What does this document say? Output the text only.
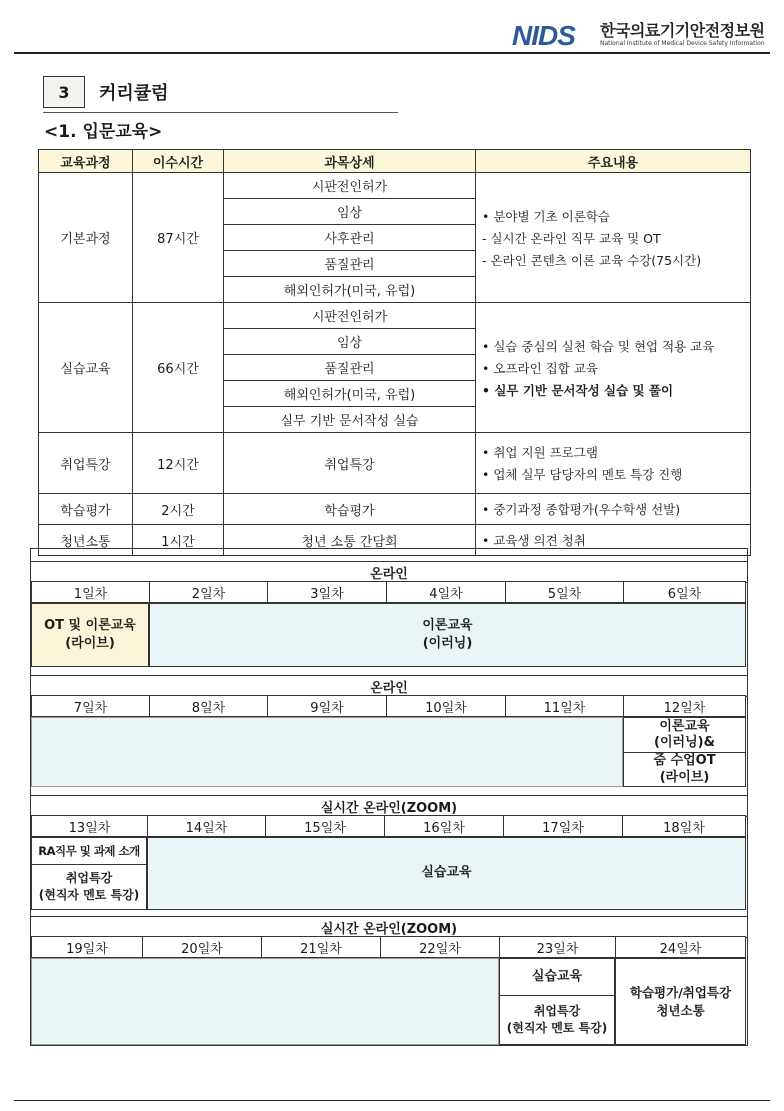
NIDS 한국의료기기안전정보원
National Institute of Medical Device Safety Information
3	커리큘럼
<1. 입문교육>
교육과정	이수시간	과목상세	주요내용
기본과정	87시간	시판전인허가	• 분야별 기초 이론학습
- 실시간 온라인 직무 교육 및 OT
- 온라인 콘텐츠 이론 교육 수강(75시간)

		임상	
		사후관리	
		품질관리	
		해외인허가(미국, 유럽)	
실습교육	66시간	시판전인허가	• 실습 중심의 실천 학습 및 현업 적용 교육
• 오프라인 집합 교육
• 실무 기반 문서작성 실습 및 풀이

		임상	
		품질관리	
		해외인허가(미국, 유럽)	
		실무 기반 문서작성 실습	
취업특강	12시간	취업특강	• 취업 지원 프로그램
• 업체 실무 담당자의 멘토 특강 진행

학습평가	2시간	학습평가	• 중기과정 종합평가(우수학생 선발)

청년소통	1시간	청년 소통 간담회	• 교육생 의견 청취
온라인
1일차	2일차	3일차	4일차	5일차	6일차
OT 및 이론교육
(라이브)
이론교육
(이러닝)
온라인
7일차	8일차	9일차	10일차	11일차	12일차
이론교육
(이러닝)&
줌 수업OT
(라이브)
실시간 온라인(ZOOM)
13일차	14일차	15일차	16일차	17일차	18일차
RA직무 및 과제 소개
취업특강
(현직자 멘토 특강)
실습교육
실시간 온라인(ZOOM)
19일차	20일차	21일차	22일차	23일차	24일차
실습교육
취업특강
(현직자 멘토 특강)
학습평가/취업특강
청년소통
